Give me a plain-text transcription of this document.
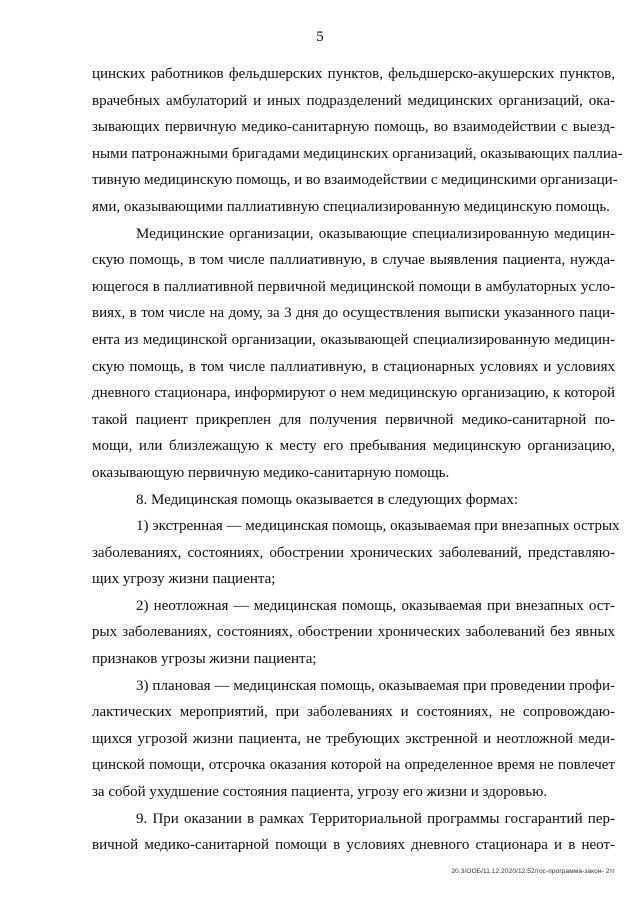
5
цинских работников фельдшерских пунктов, фельдшерско-акушерских пунктов,
врачебных амбулаторий и иных подразделений медицинских организаций, ока-
зывающих первичную медико-санитарную помощь, во взаимодействии с выезд-
ными патронажными бригадами медицинских организаций, оказывающих паллиа-
тивную медицинскую помощь, и во взаимодействии с медицинскими организаци-
ями, оказывающими паллиативную специализированную медицинскую помощь.
Медицинские организации, оказывающие специализированную медицин-
скую помощь, в том числе паллиативную, в случае выявления пациента, нужда-
ющегося в паллиативной первичной медицинской помощи в амбулаторных усло-
виях, в том числе на дому, за 3 дня до осуществления выписки указанного паци-
ента из медицинской организации, оказывающей специализированную медицин-
скую помощь, в том числе паллиативную, в стационарных условиях и условиях
дневного стационара, информируют о нем медицинскую организацию, к которой
такой пациент прикреплен для получения первичной медико-санитарной по-
мощи, или близлежащую к месту его пребывания медицинскую организацию,
оказывающую первичную медико-санитарную помощь.
8. Медицинская помощь оказывается в следующих формах:
1) экстренная — медицинская помощь, оказываемая при внезапных острых
заболеваниях, состояниях, обострении хронических заболеваний, представляю-
щих угрозу жизни пациента;
2) неотложная — медицинская помощь, оказываемая при внезапных ост-
рых заболеваниях, состояниях, обострении хронических заболеваний без явных
признаков угрозы жизни пациента;
3) плановая — медицинская помощь, оказываемая при проведении профи-
лактических мероприятий, при заболеваниях и состояниях, не сопровождаю-
щихся угрозой жизни пациента, не требующих экстренной и неотложной меди-
цинской помощи, отсрочка оказания которой на определенное время не повлечет
за собой ухудшение состояния пациента, угрозу его жизни и здоровью.
9. При оказании в рамках Территориальной программы госгарантий пер-
вичной медико-санитарной помощи в условиях дневного стационара и в неот-
20.3/ООБ/11.12.2020/12:52/гос-программа-закон- 2тг
